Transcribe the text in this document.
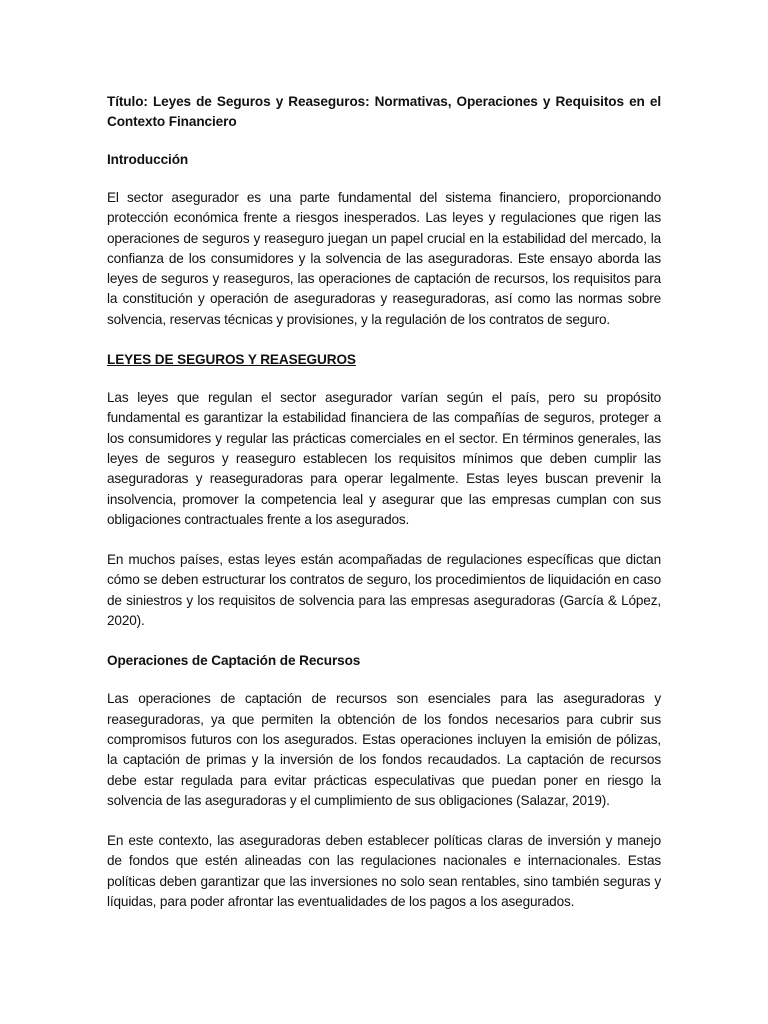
Título: Leyes de Seguros y Reaseguros: Normativas, Operaciones y Requisitos en el Contexto Financiero
Introducción

El sector asegurador es una parte fundamental del sistema financiero, proporcionando protección económica frente a riesgos inesperados. Las leyes y regulaciones que rigen las operaciones de seguros y reaseguro juegan un papel crucial en la estabilidad del mercado, la confianza de los consumidores y la solvencia de las aseguradoras. Este ensayo aborda las leyes de seguros y reaseguros, las operaciones de captación de recursos, los requisitos para la constitución y operación de aseguradoras y reaseguradoras, así como las normas sobre solvencia, reservas técnicas y provisiones, y la regulación de los contratos de seguro.

LEYES DE SEGUROS Y REASEGUROS

Las leyes que regulan el sector asegurador varían según el país, pero su propósito fundamental es garantizar la estabilidad financiera de las compañías de seguros, proteger a los consumidores y regular las prácticas comerciales en el sector. En términos generales, las leyes de seguros y reaseguro establecen los requisitos mínimos que deben cumplir las aseguradoras y reaseguradoras para operar legalmente. Estas leyes buscan prevenir la insolvencia, promover la competencia leal y asegurar que las empresas cumplan con sus obligaciones contractuales frente a los asegurados.

En muchos países, estas leyes están acompañadas de regulaciones específicas que dictan cómo se deben estructurar los contratos de seguro, los procedimientos de liquidación en caso de siniestros y los requisitos de solvencia para las empresas aseguradoras (García & López, 2020).

Operaciones de Captación de Recursos

Las operaciones de captación de recursos son esenciales para las aseguradoras y reaseguradoras, ya que permiten la obtención de los fondos necesarios para cubrir sus compromisos futuros con los asegurados. Estas operaciones incluyen la emisión de pólizas, la captación de primas y la inversión de los fondos recaudados. La captación de recursos debe estar regulada para evitar prácticas especulativas que puedan poner en riesgo la solvencia de las aseguradoras y el cumplimiento de sus obligaciones (Salazar, 2019).

En este contexto, las aseguradoras deben establecer políticas claras de inversión y manejo de fondos que estén alineadas con las regulaciones nacionales e internacionales. Estas políticas deben garantizar que las inversiones no solo sean rentables, sino también seguras y líquidas, para poder afrontar las eventualidades de los pagos a los asegurados.
